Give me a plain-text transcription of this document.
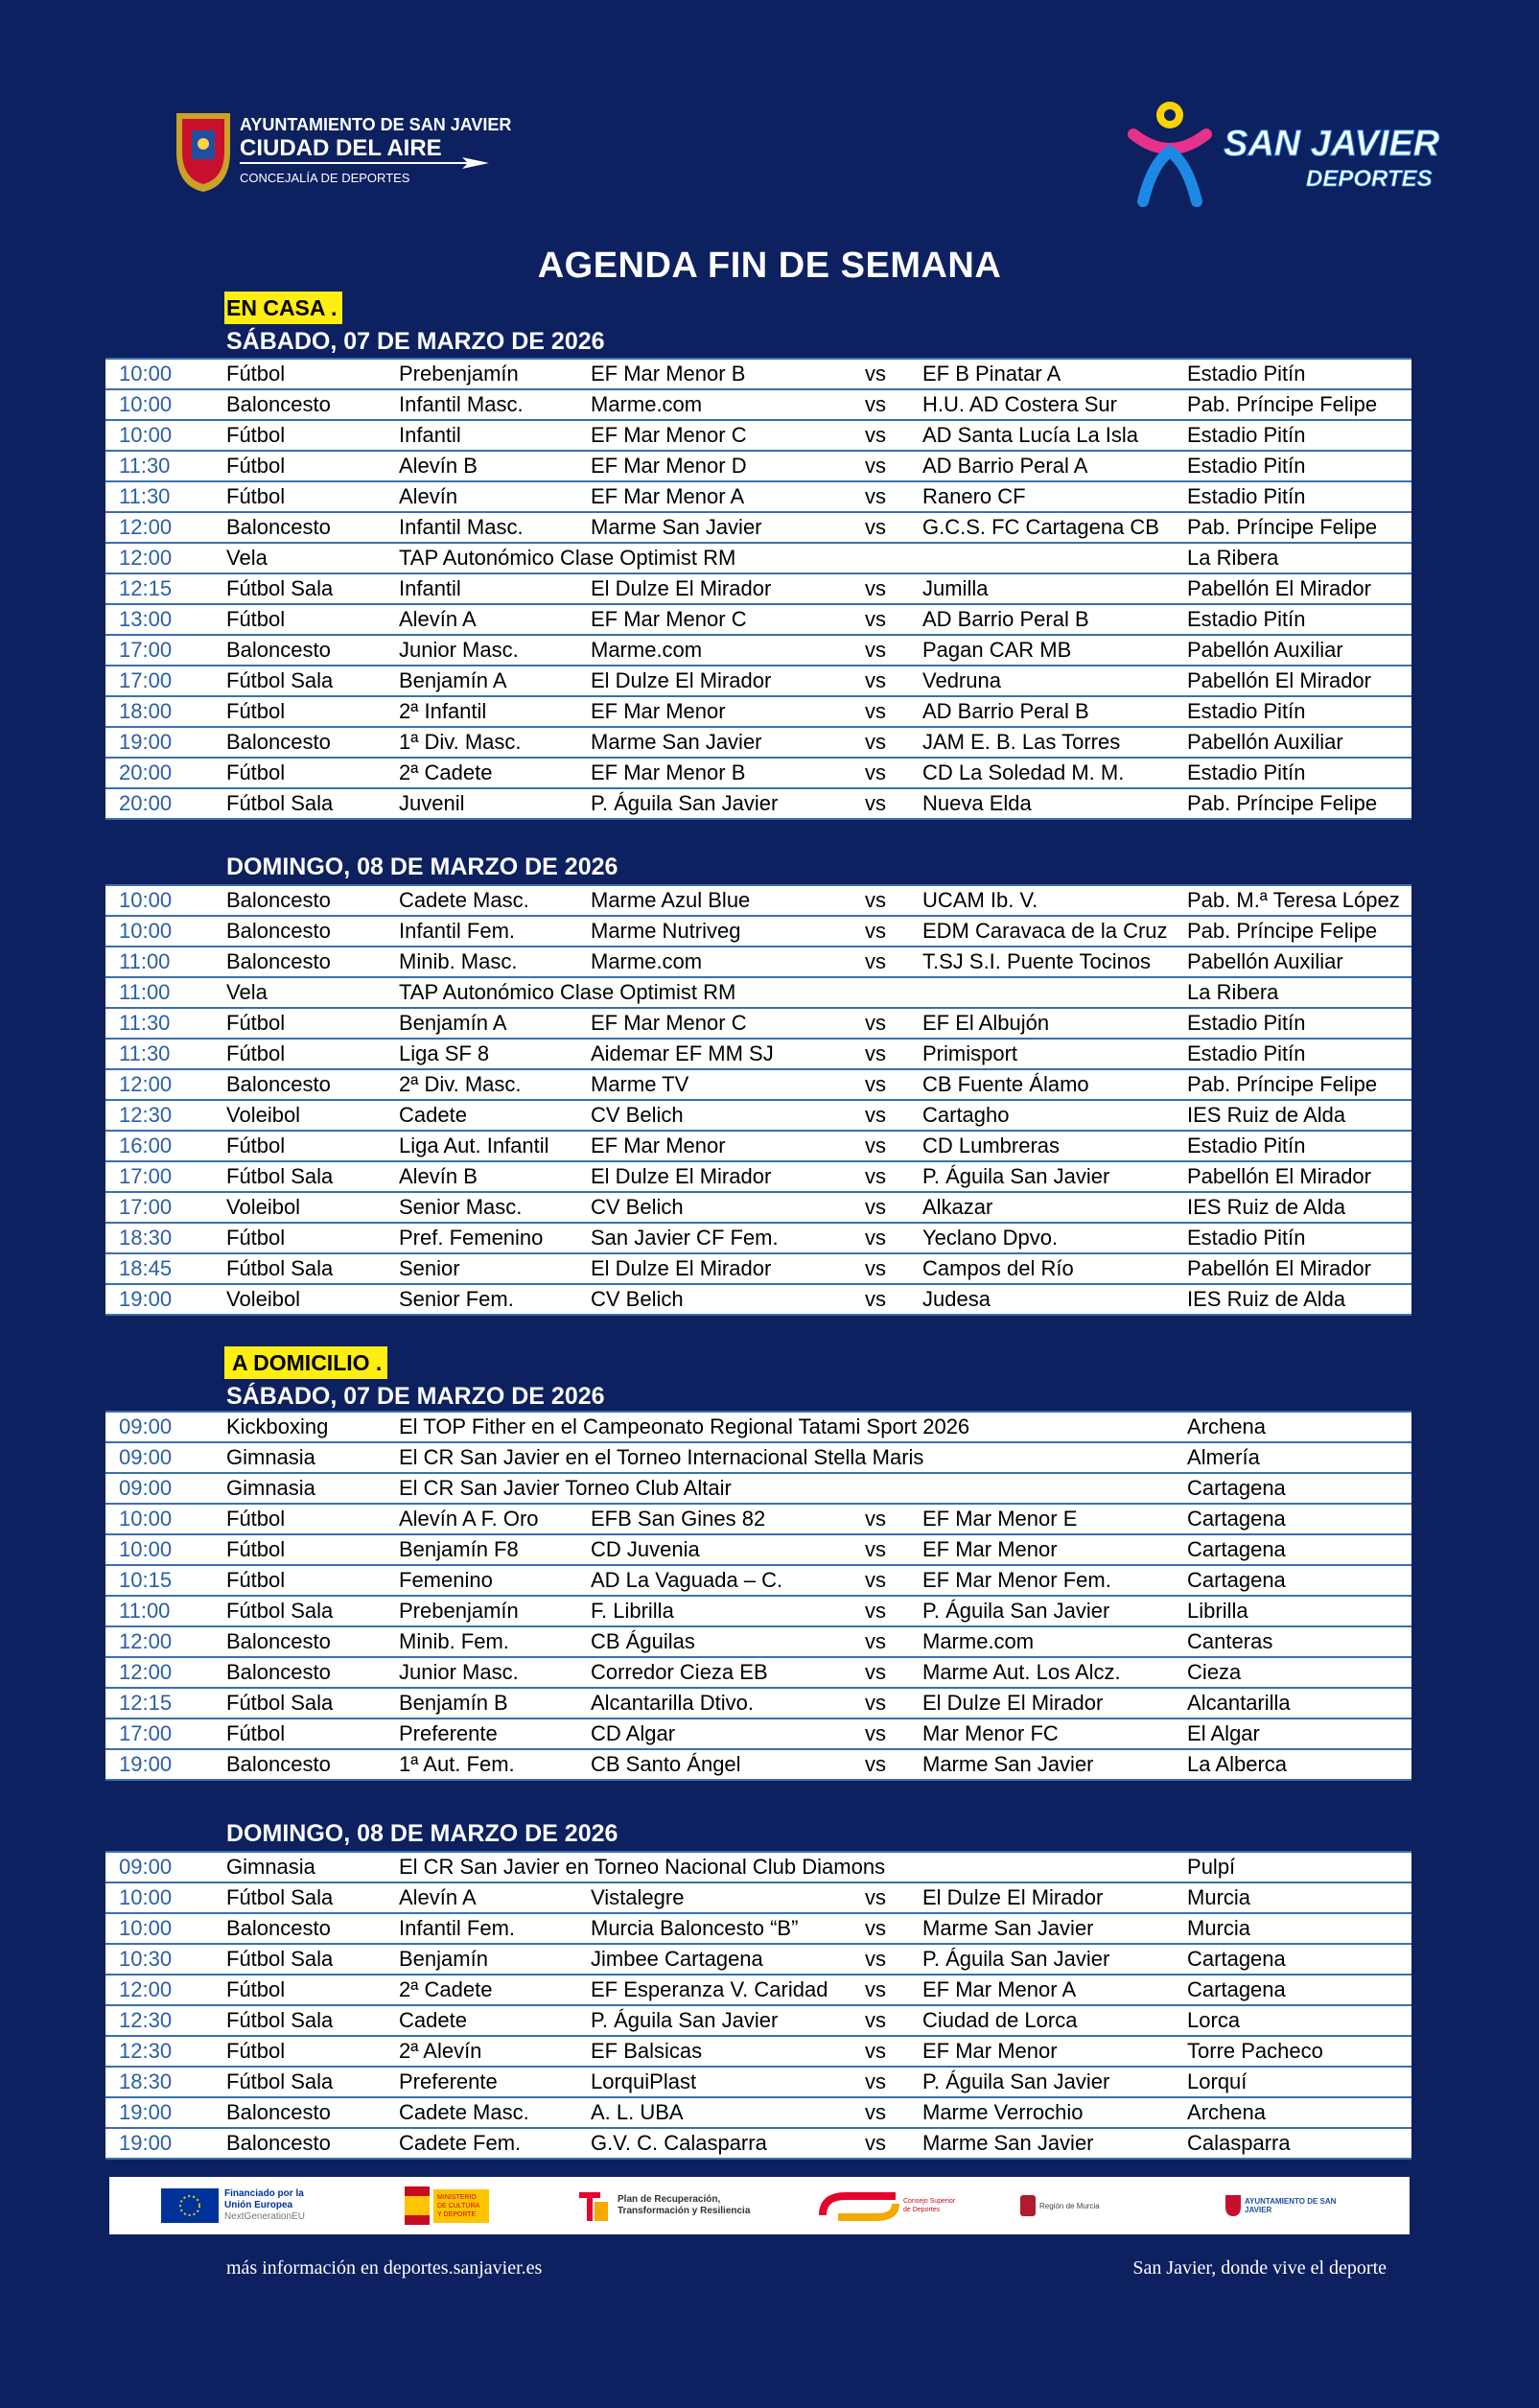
AYUNTAMIENTO DE SAN JAVIER
CIUDAD DEL AIRE
CONCEJALÍA DE DEPORTES
SAN JAVIER
DEPORTES
AGENDA FIN DE SEMANA
EN CASA .
SÁBADO, 07 DE MARZO DE 2026
10:00	Fútbol	Prebenjamín	EF Mar Menor B	vs	EF B Pinatar A	Estadio Pitín
10:00	Baloncesto	Infantil Masc.	Marme.com	vs	H.U. AD Costera Sur	Pab. Príncipe Felipe
10:00	Fútbol	Infantil	EF Mar Menor C	vs	AD Santa Lucía La Isla	Estadio Pitín
11:30	Fútbol	Alevín B	EF Mar Menor D	vs	AD Barrio Peral A	Estadio Pitín
11:30	Fútbol	Alevín	EF Mar Menor A	vs	Ranero CF	Estadio Pitín
12:00	Baloncesto	Infantil Masc.	Marme San Javier	vs	G.C.S. FC Cartagena CB	Pab. Príncipe Felipe
12:00	Vela	TAP Autonómico Clase Optimist RM				La Ribera
12:15	Fútbol Sala	Infantil	El Dulze El Mirador	vs	Jumilla	Pabellón El Mirador
13:00	Fútbol	Alevín A	EF Mar Menor C	vs	AD Barrio Peral B	Estadio Pitín
17:00	Baloncesto	Junior Masc.	Marme.com	vs	Pagan CAR MB	Pabellón Auxiliar
17:00	Fútbol Sala	Benjamín A	El Dulze El Mirador	vs	Vedruna	Pabellón El Mirador
18:00	Fútbol	2ª Infantil	EF Mar Menor	vs	AD Barrio Peral B	Estadio Pitín
19:00	Baloncesto	1ª Div. Masc.	Marme San Javier	vs	JAM E. B. Las Torres	Pabellón Auxiliar
20:00	Fútbol	2ª Cadete	EF Mar Menor B	vs	CD La Soledad M. M.	Estadio Pitín
20:00	Fútbol Sala	Juvenil	P. Águila San Javier	vs	Nueva Elda	Pab. Príncipe Felipe
DOMINGO, 08 DE MARZO DE 2026
10:00	Baloncesto	Cadete Masc.	Marme Azul Blue	vs	UCAM Ib. V.	Pab. M.ª Teresa López
10:00	Baloncesto	Infantil Fem.	Marme Nutriveg	vs	EDM Caravaca de la Cruz	Pab. Príncipe Felipe
11:00	Baloncesto	Minib. Masc.	Marme.com	vs	T.SJ S.I. Puente Tocinos	Pabellón Auxiliar
11:00	Vela	TAP Autonómico Clase Optimist RM				La Ribera
11:30	Fútbol	Benjamín A	EF Mar Menor C	vs	EF El Albujón	Estadio Pitín
11:30	Fútbol	Liga SF 8	Aidemar EF MM SJ	vs	Primisport	Estadio Pitín
12:00	Baloncesto	2ª Div. Masc.	Marme TV	vs	CB Fuente Álamo	Pab. Príncipe Felipe
12:30	Voleibol	Cadete	CV Belich	vs	Cartagho	IES Ruiz de Alda
16:00	Fútbol	Liga Aut. Infantil	EF Mar Menor	vs	CD Lumbreras	Estadio Pitín
17:00	Fútbol Sala	Alevín B	El Dulze El Mirador	vs	P. Águila San Javier	Pabellón El Mirador
17:00	Voleibol	Senior Masc.	CV Belich	vs	Alkazar	IES Ruiz de Alda
18:30	Fútbol	Pref. Femenino	San Javier CF Fem.	vs	Yeclano Dpvo.	Estadio Pitín
18:45	Fútbol Sala	Senior	El Dulze El Mirador	vs	Campos del Río	Pabellón El Mirador
19:00	Voleibol	Senior Fem.	CV Belich	vs	Judesa	IES Ruiz de Alda
A DOMICILIO .
SÁBADO, 07 DE MARZO DE 2026
09:00	Kickboxing	El TOP Fither en el Campeonato Regional Tatami Sport 2026				Archena
09:00	Gimnasia	El CR San Javier en el Torneo Internacional Stella Maris				Almería
09:00	Gimnasia	El CR San Javier Torneo Club Altair				Cartagena
10:00	Fútbol	Alevín A F. Oro	EFB San Gines 82	vs	EF Mar Menor E	Cartagena
10:00	Fútbol	Benjamín F8	CD Juvenia	vs	EF Mar Menor	Cartagena
10:15	Fútbol	Femenino	AD La Vaguada – C.	vs	EF Mar Menor Fem.	Cartagena
11:00	Fútbol Sala	Prebenjamín	F. Librilla	vs	P. Águila San Javier	Librilla
12:00	Baloncesto	Minib. Fem.	CB Águilas	vs	Marme.com	Canteras
12:00	Baloncesto	Junior Masc.	Corredor Cieza EB	vs	Marme Aut. Los Alcz.	Cieza
12:15	Fútbol Sala	Benjamín B	Alcantarilla Dtivo.	vs	El Dulze El Mirador	Alcantarilla
17:00	Fútbol	Preferente	CD Algar	vs	Mar Menor FC	El Algar
19:00	Baloncesto	1ª Aut. Fem.	CB Santo Ángel	vs	Marme San Javier	La Alberca
DOMINGO, 08 DE MARZO DE 2026
09:00	Gimnasia	El CR San Javier en Torneo Nacional Club Diamons				Pulpí
10:00	Fútbol Sala	Alevín A	Vistalegre	vs	El Dulze El Mirador	Murcia
10:00	Baloncesto	Infantil Fem.	Murcia Baloncesto “B”	vs	Marme San Javier	Murcia
10:30	Fútbol Sala	Benjamín	Jimbee Cartagena	vs	P. Águila San Javier	Cartagena
12:00	Fútbol	2ª Cadete	EF Esperanza V. Caridad	vs	EF Mar Menor A	Cartagena
12:30	Fútbol Sala	Cadete	P. Águila San Javier	vs	Ciudad de Lorca	Lorca
12:30	Fútbol	2ª Alevín	EF Balsicas	vs	EF Mar Menor	Torre Pacheco
18:30	Fútbol Sala	Preferente	LorquiPlast	vs	P. Águila San Javier	Lorquí
19:00	Baloncesto	Cadete Masc.	A. L. UBA	vs	Marme Verrochio	Archena
19:00	Baloncesto	Cadete Fem.	G.V. C. Calasparra	vs	Marme San Javier	Calasparra
Financiado por la Unión Europea
NextGenerationEU
MINISTERIO DE CULTURA Y DEPORTE
Plan de Recuperación, Transformación y Resiliencia
Consejo Superior de Deportes	Región de Murcia	AYUNTAMIENTO DE SAN JAVIER
más información en deportes.sanjavier.es	San Javier, donde vive el deporte
